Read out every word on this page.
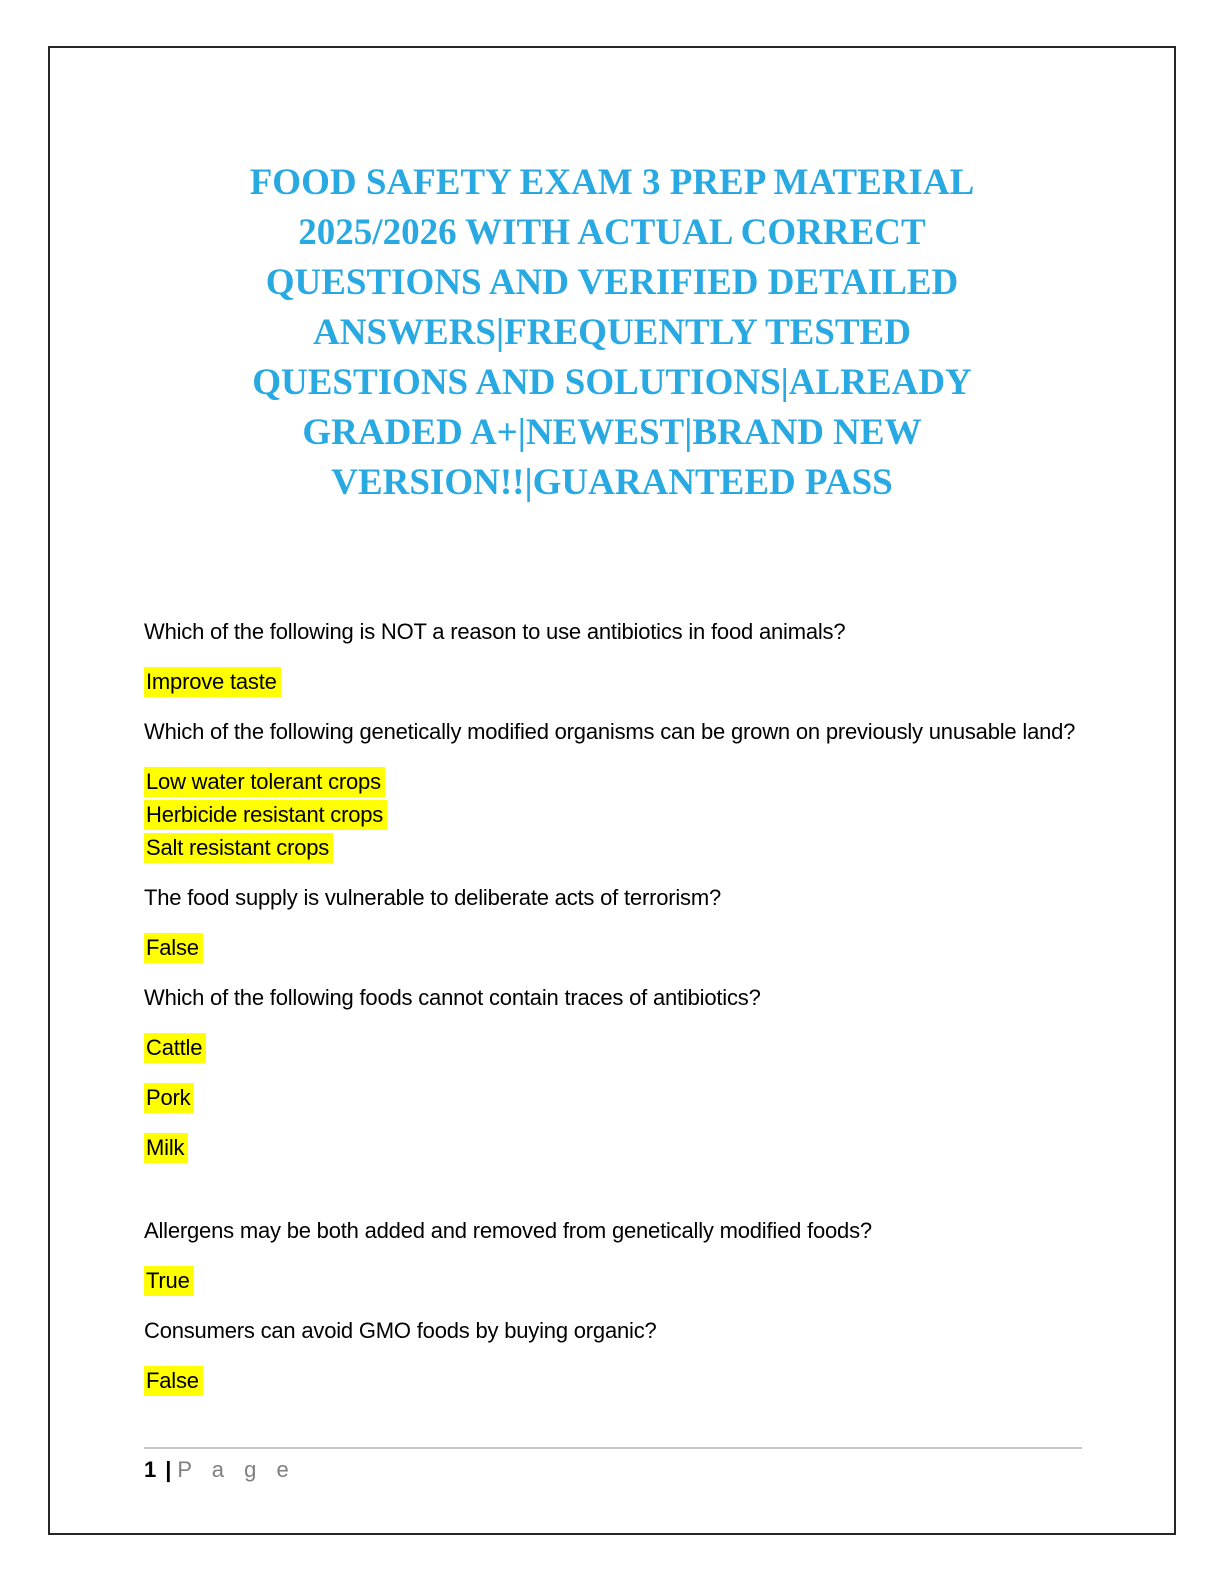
FOOD SAFETY EXAM 3 PREP MATERIAL
2025/2026 WITH ACTUAL CORRECT
QUESTIONS AND VERIFIED DETAILED
ANSWERS|FREQUENTLY TESTED
QUESTIONS AND SOLUTIONS|ALREADY
GRADED A+|NEWEST|BRAND NEW
VERSION!!|GUARANTEED PASS

Which of the following is NOT a reason to use antibiotics in food animals?

Improve taste

Which of the following genetically modified organisms can be grown on previously unusable land?

Low water tolerant crops
Herbicide resistant crops
Salt resistant crops

The food supply is vulnerable to deliberate acts of terrorism?

False

Which of the following foods cannot contain traces of antibiotics?

Cattle

Pork

Milk

Allergens may be both added and removed from genetically modified foods?

True

Consumers can avoid GMO foods by buying organic?

False

1 | P a g e
